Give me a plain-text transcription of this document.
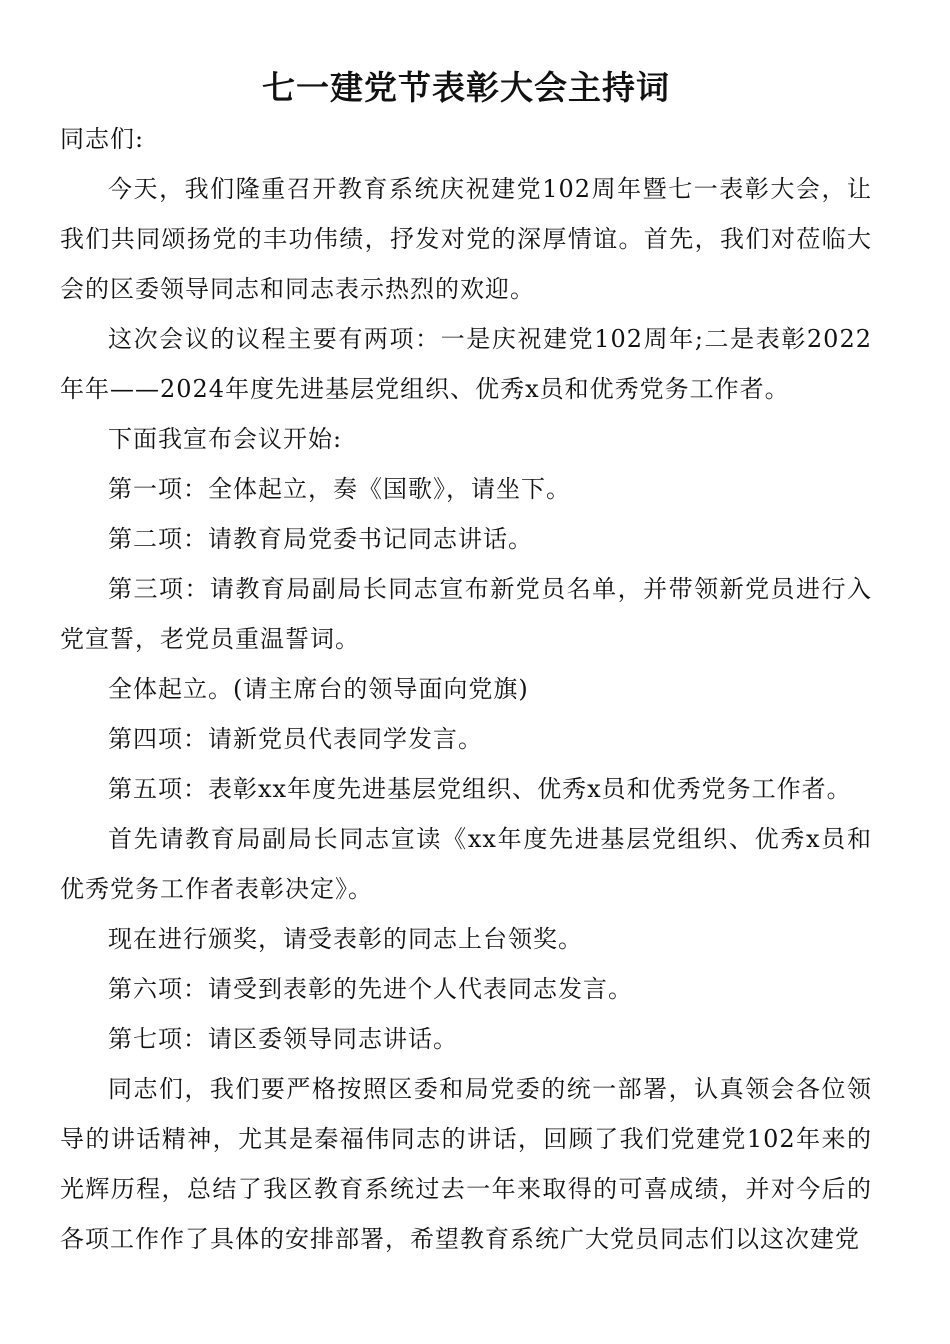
七一建党节表彰大会主持词

同志们:

今天，我们隆重召开教育系统庆祝建党102周年暨七一表彰大会，让我们共同颂扬党的丰功伟绩，抒发对党的深厚情谊。首先，我们对莅临大会的区委领导同志和同志表示热烈的欢迎。

这次会议的议程主要有两项：一是庆祝建党102周年;二是表彰2022年年——2024年度先进基层党组织、优秀x员和优秀党务工作者。

下面我宣布会议开始:

第一项：全体起立，奏《国歌》，请坐下。

第二项：请教育局党委书记同志讲话。

第三项：请教育局副局长同志宣布新党员名单，并带领新党员进行入党宣誓，老党员重温誓词。

全体起立。(请主席台的领导面向党旗)

第四项：请新党员代表同学发言。

第五项：表彰xx年度先进基层党组织、优秀x员和优秀党务工作者。

首先请教育局副局长同志宣读《xx年度先进基层党组织、优秀x员和优秀党务工作者表彰决定》。

现在进行颁奖，请受表彰的同志上台领奖。

第六项：请受到表彰的先进个人代表同志发言。

第七项：请区委领导同志讲话。

同志们，我们要严格按照区委和局党委的统一部署，认真领会各位领导的讲话精神，尤其是秦福伟同志的讲话，回顾了我们党建党102年来的光辉历程，总结了我区教育系统过去一年来取得的可喜成绩，并对今后的各项工作作了具体的安排部署，希望教育系统广大党员同志们以这次建党
